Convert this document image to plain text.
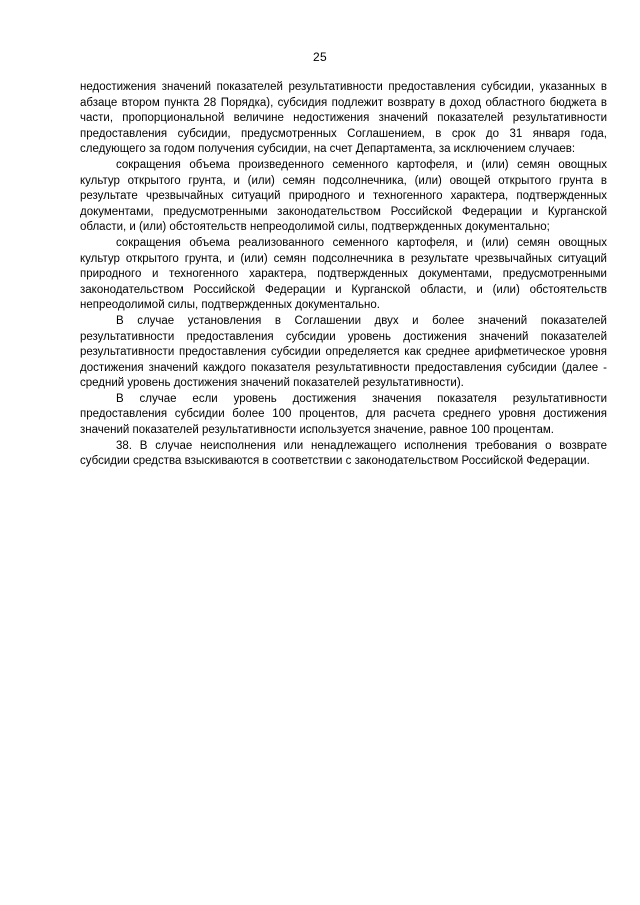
25

недостижения значений показателей результативности предоставления субсидии, указанных в абзаце втором пункта 28 Порядка), субсидия подлежит возврату в доход областного бюджета в части, пропорциональной величине недостижения значений показателей результативности предоставления субсидии, предусмотренных Соглашением, в срок до 31 января года, следующего за годом получения субсидии, на счет Департамента, за исключением случаев:

сокращения объема произведенного семенного картофеля, и (или) семян овощных культур открытого грунта, и (или) семян подсолнечника, (или) овощей открытого грунта в результате чрезвычайных ситуаций природного и техногенного характера, подтвержденных документами, предусмотренными законодательством Российской Федерации и Курганской области, и (или) обстоятельств непреодолимой силы, подтвержденных документально;

сокращения объема реализованного семенного картофеля, и (или) семян овощных культур открытого грунта, и (или) семян подсолнечника в результате чрезвычайных ситуаций природного и техногенного характера, подтвержденных документами, предусмотренными законодательством Российской Федерации и Курганской области, и (или) обстоятельств непреодолимой силы, подтвержденных документально.

В случае установления в Соглашении двух и более значений показателей результативности предоставления субсидии уровень достижения значений показателей результативности предоставления субсидии определяется как среднее арифметическое уровня достижения значений каждого показателя результативности предоставления субсидии (далее - средний уровень достижения значений показателей результативности).

В случае если уровень достижения значения показателя результативности предоставления субсидии более 100 процентов, для расчета среднего уровня достижения значений показателей результативности используется значение, равное 100 процентам.

38. В случае неисполнения или ненадлежащего исполнения требования о возврате субсидии средства взыскиваются в соответствии с законодательством Российской Федерации.
